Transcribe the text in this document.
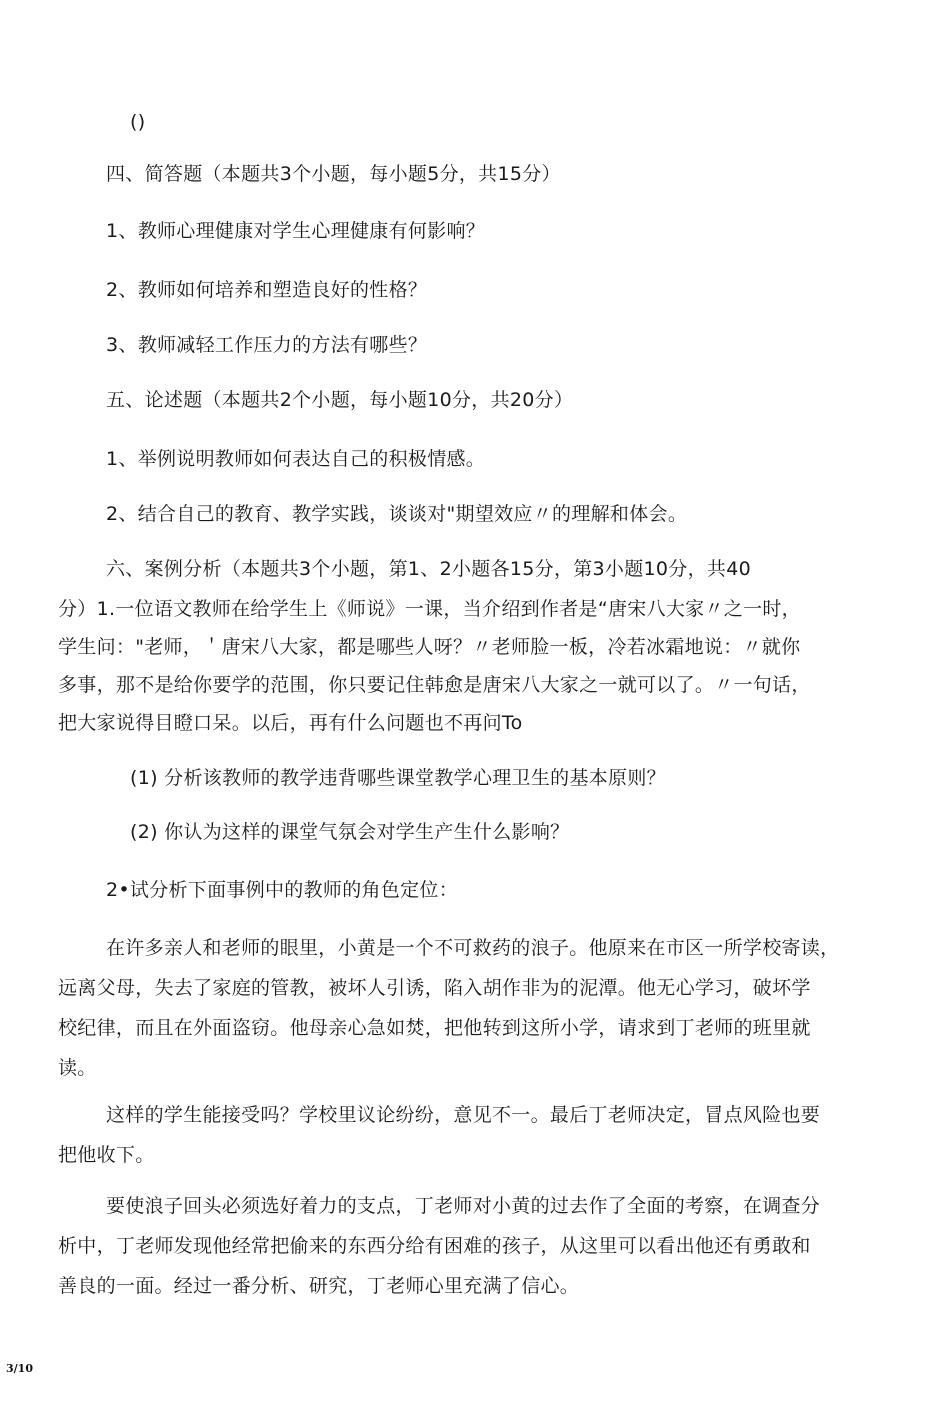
()
四、简答题（本题共3个小题，每小题5分，共15分）
1、教师心理健康对学生心理健康有何影响？
2、教师如何培养和塑造良好的性格？
3、教师减轻工作压力的方法有哪些？
五、论述题（本题共2个小题，每小题10分，共20分）
1、举例说明教师如何表达自己的积极情感。
2、结合自己的教育、教学实践，谈谈对"期望效应〃的理解和体会。
六、案例分析（本题共3个小题，第1、2小题各15分，第3小题10分，共40
分）1.一位语文教师在给学生上《师说》一课，当介绍到作者是“唐宋八大家〃之一时，
学生问："老师，＇唐宋八大家，都是哪些人呀？〃老师脸一板，冷若冰霜地说：〃就你
多事，那不是给你要学的范围，你只要记住韩愈是唐宋八大家之一就可以了。〃一句话，
把大家说得目瞪口呆。以后，再有什么问题也不再问To
(1) 分析该教师的教学违背哪些课堂教学心理卫生的基本原则？
(2) 你认为这样的课堂气氛会对学生产生什么影响？
2•试分析下面事例中的教师的角色定位：
在许多亲人和老师的眼里，小黄是一个不可救药的浪子。他原来在市区一所学校寄读，
远离父母，失去了家庭的管教，被坏人引诱，陷入胡作非为的泥潭。他无心学习，破坏学
校纪律，而且在外面盗窃。他母亲心急如焚，把他转到这所小学，请求到丁老师的班里就
读。
这样的学生能接受吗？学校里议论纷纷，意见不一。最后丁老师决定，冒点风险也要
把他收下。
要使浪子回头必须选好着力的支点，丁老师对小黄的过去作了全面的考察，在调查分
析中，丁老师发现他经常把偷来的东西分给有困难的孩子，从这里可以看出他还有勇敢和
善良的一面。经过一番分析、研究，丁老师心里充满了信心。
3/10
